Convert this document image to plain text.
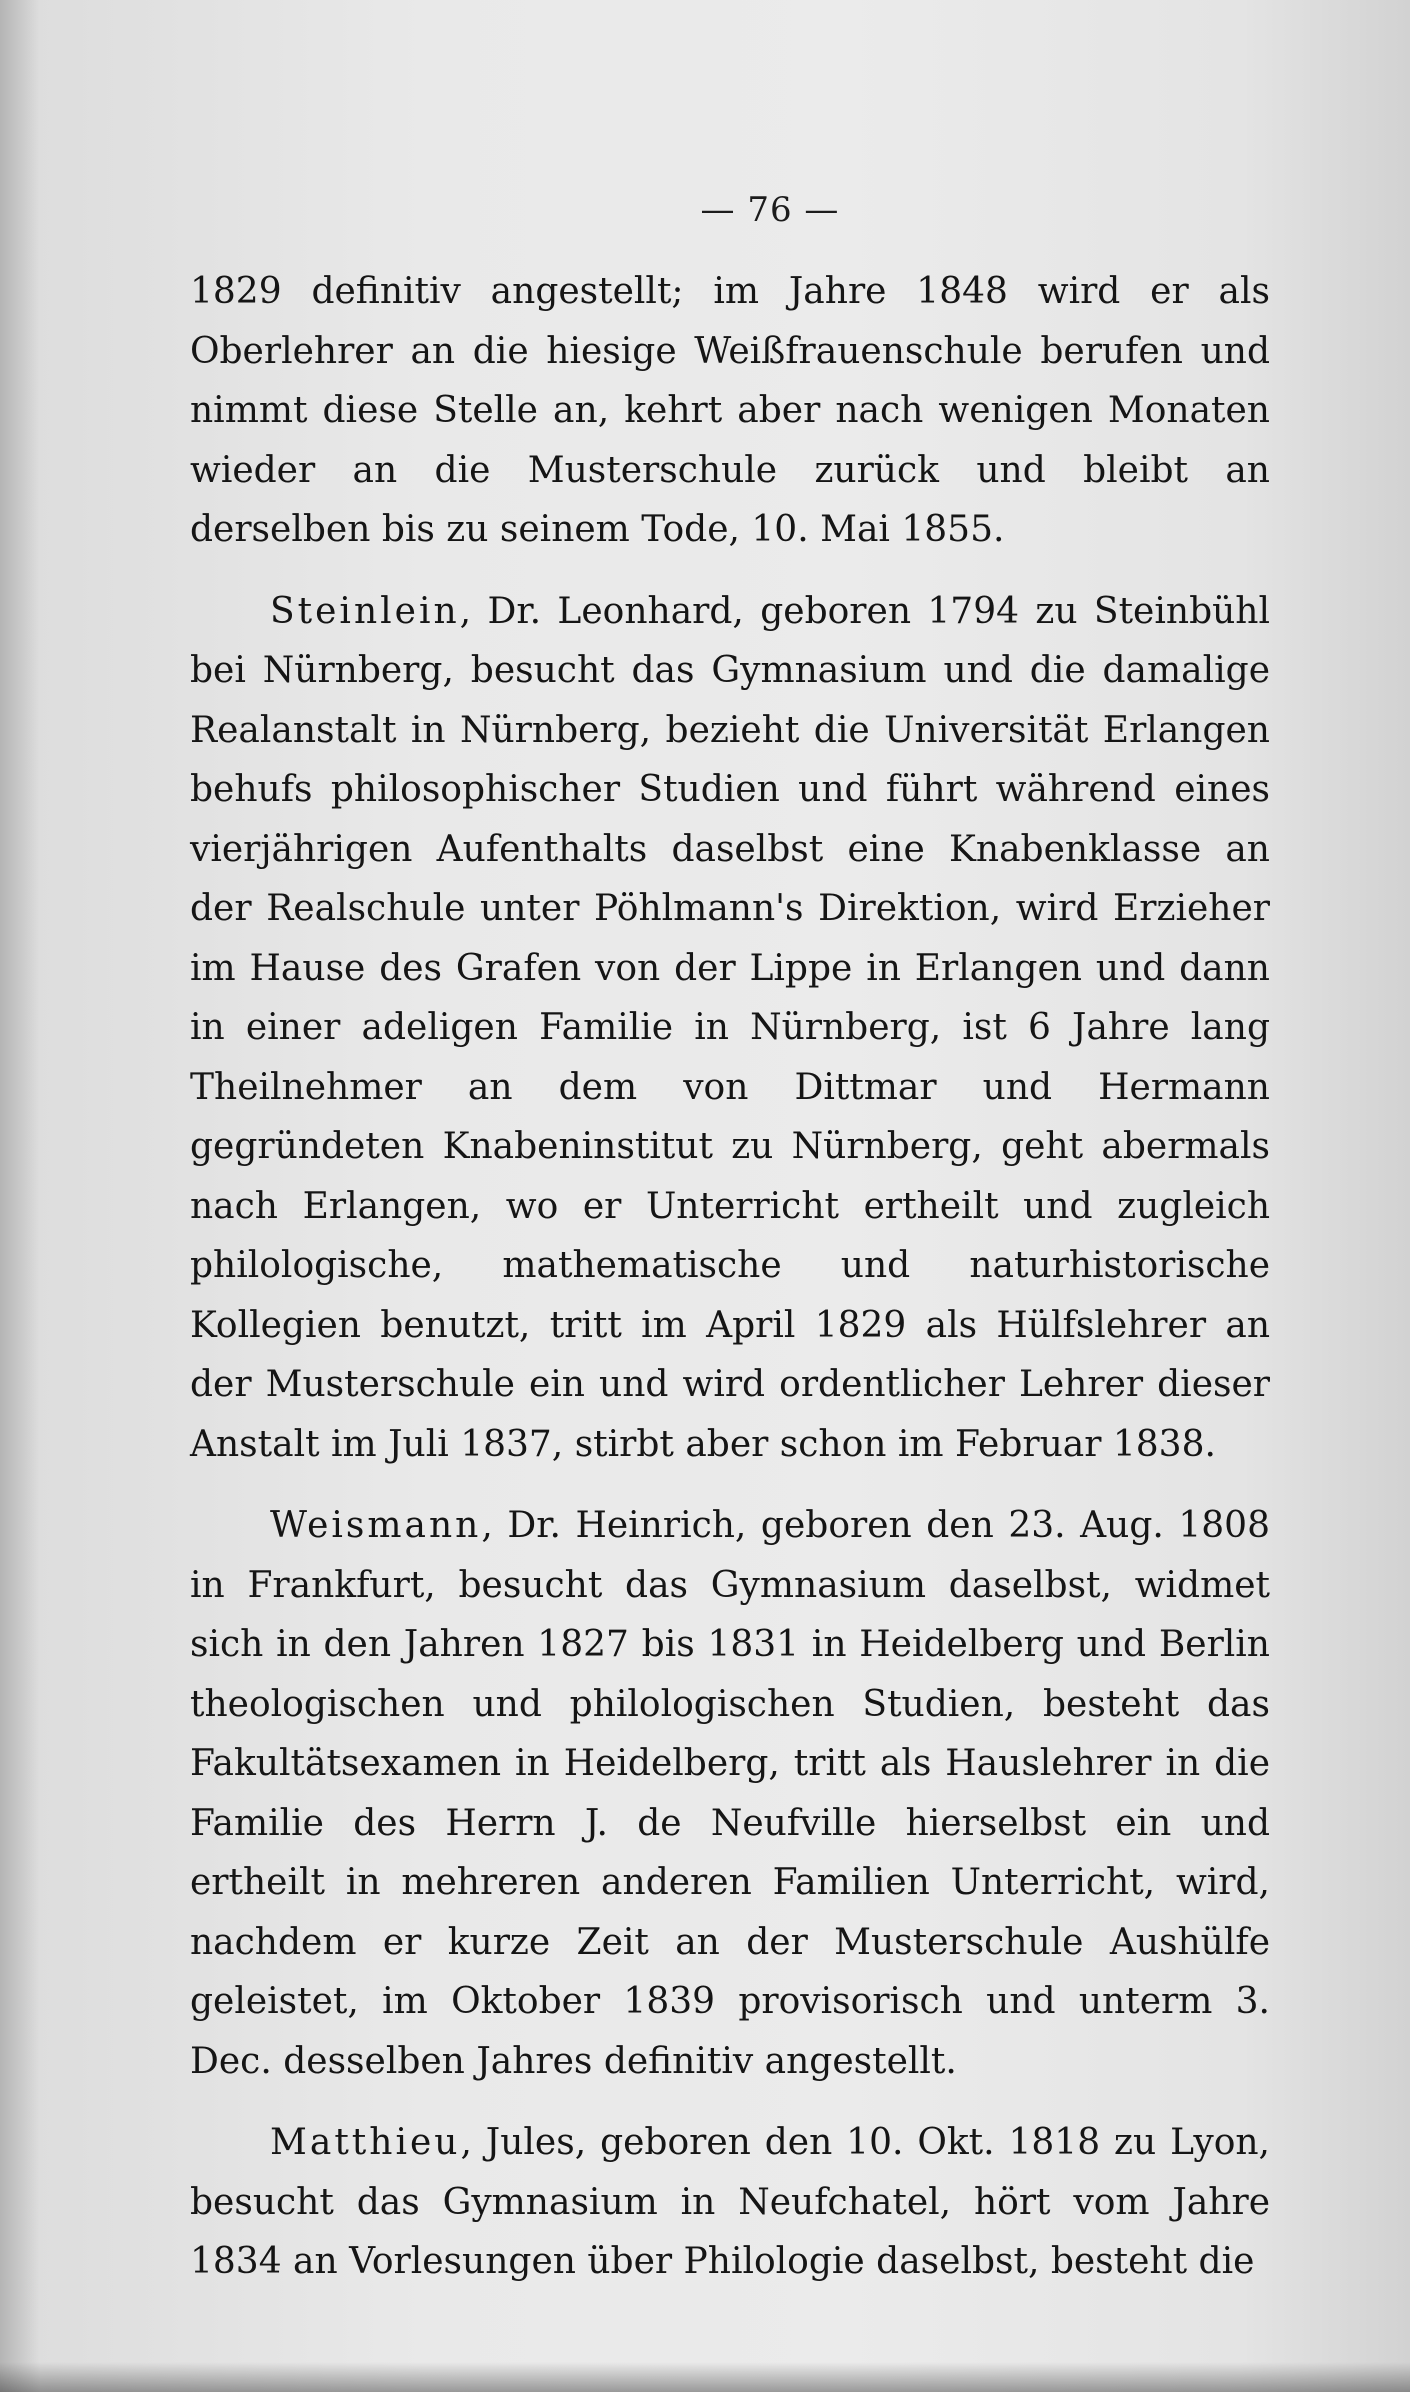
— 76 —

1829 definitiv angestellt; im Jahre 1848 wird er als Oberlehrer an die hiesige Weißfrauenschule berufen und nimmt diese Stelle an, kehrt aber nach wenigen Monaten wieder an die Musterschule zurück und bleibt an derselben bis zu seinem Tode, 10. Mai 1855.

Steinlein, Dr. Leonhard, geboren 1794 zu Steinbühl bei Nürnberg, besucht das Gymnasium und die damalige Realanstalt in Nürnberg, bezieht die Universität Erlangen behufs philosophischer Studien und führt während eines vierjährigen Aufenthalts daselbst eine Knabenklasse an der Realschule unter Pöhlmann's Direktion, wird Erzieher im Hause des Grafen von der Lippe in Erlangen und dann in einer adeligen Familie in Nürnberg, ist 6 Jahre lang Theilnehmer an dem von Dittmar und Hermann gegründeten Knabeninstitut zu Nürnberg, geht abermals nach Erlangen, wo er Unterricht ertheilt und zugleich philologische, mathematische und naturhistorische Kollegien benutzt, tritt im April 1829 als Hülfslehrer an der Musterschule ein und wird ordentlicher Lehrer dieser Anstalt im Juli 1837, stirbt aber schon im Februar 1838.

Weismann, Dr. Heinrich, geboren den 23. Aug. 1808 in Frankfurt, besucht das Gymnasium daselbst, widmet sich in den Jahren 1827 bis 1831 in Heidelberg und Berlin theologischen und philologischen Studien, besteht das Fakultätsexamen in Heidelberg, tritt als Hauslehrer in die Familie des Herrn J. de Neufville hierselbst ein und ertheilt in mehreren anderen Familien Unterricht, wird, nachdem er kurze Zeit an der Musterschule Aushülfe geleistet, im Oktober 1839 provisorisch und unterm 3. Dec. desselben Jahres definitiv angestellt.

Matthieu, Jules, geboren den 10. Okt. 1818 zu Lyon, besucht das Gymnasium in Neufchatel, hört vom Jahre 1834 an Vorlesungen über Philologie daselbst, besteht die
